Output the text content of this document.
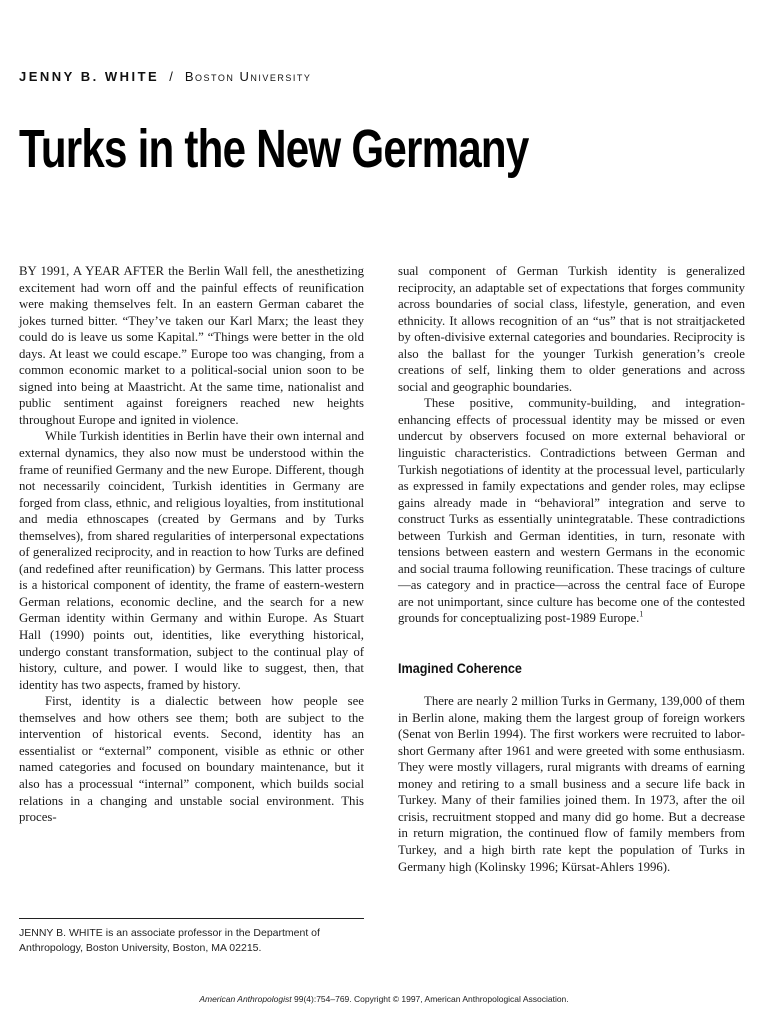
JENNY B. WHITE / Boston University
Turks in the New Germany

BY 1991, A YEAR AFTER the Berlin Wall fell, the anesthetizing excitement had worn off and the painful effects of reunification were making themselves felt. In an eastern German cabaret the jokes turned bitter. “They’ve taken our Karl Marx; the least they could do is leave us some Kapital.” “Things were better in the old days. At least we could escape.” Europe too was changing, from a common economic market to a political-social union soon to be signed into being at Maastricht. At the same time, nationalist and public sentiment against foreigners reached new heights throughout Europe and ignited in violence.

While Turkish identities in Berlin have their own internal and external dynamics, they also now must be understood within the frame of reunified Germany and the new Europe. Different, though not necessarily coincident, Turkish identities in Germany are forged from class, ethnic, and religious loyalties, from institutional and media ethnoscapes (created by Germans and by Turks themselves), from shared regularities of interpersonal expectations of generalized reciprocity, and in reaction to how Turks are defined (and redefined after reunification) by Germans. This latter process is a historical component of identity, the frame of eastern-western German relations, economic decline, and the search for a new German identity within Germany and within Europe. As Stuart Hall (1990) points out, identities, like everything historical, undergo constant transformation, subject to the continual play of history, culture, and power. I would like to suggest, then, that identity has two aspects, framed by history.

First, identity is a dialectic between how people see themselves and how others see them; both are subject to the intervention of historical events. Second, identity has an essentialist or “external” component, visible as ethnic or other named categories and focused on boundary maintenance, but it also has a processual “internal” component, which builds social relations in a changing and unstable social environment. This proces-

JENNY B. WHITE is an associate professor in the Department of Anthropology, Boston University, Boston, MA 02215.

sual component of German Turkish identity is generalized reciprocity, an adaptable set of expectations that forges community across boundaries of social class, lifestyle, generation, and even ethnicity. It allows recognition of an “us” that is not straitjacketed by often-divisive external categories and boundaries. Reciprocity is also the ballast for the younger Turkish generation’s creole creations of self, linking them to older generations and across social and geographic boundaries.

These positive, community-building, and integration-enhancing effects of processual identity may be missed or even undercut by observers focused on more external behavioral or linguistic characteristics. Contradictions between German and Turkish negotiations of identity at the processual level, particularly as expressed in family expectations and gender roles, may eclipse gains already made in “behavioral” integration and serve to construct Turks as essentially unintegratable. These contradictions between Turkish and German identities, in turn, resonate with tensions between eastern and western Germans in the economic and social trauma following reunification. These tracings of culture—as category and in practice—across the central face of Europe are not unimportant, since culture has become one of the contested grounds for conceptualizing post-1989 Europe.$^1$

Imagined Coherence

There are nearly 2 million Turks in Germany, 139,000 of them in Berlin alone, making them the largest group of foreign workers (Senat von Berlin 1994). The first workers were recruited to labor-short Germany after 1961 and were greeted with some enthusiasm. They were mostly villagers, rural migrants with dreams of earning money and retiring to a small business and a secure life back in Turkey. Many of their families joined them. In 1973, after the oil crisis, recruitment stopped and many did go home. But a decrease in return migration, the continued flow of family members from Turkey, and a high birth rate kept the population of Turks in Germany high (Kolinsky 1996; Kürsat-Ahlers 1996).

American Anthropologist 99(4):754–769. Copyright © 1997, American Anthropological Association.
